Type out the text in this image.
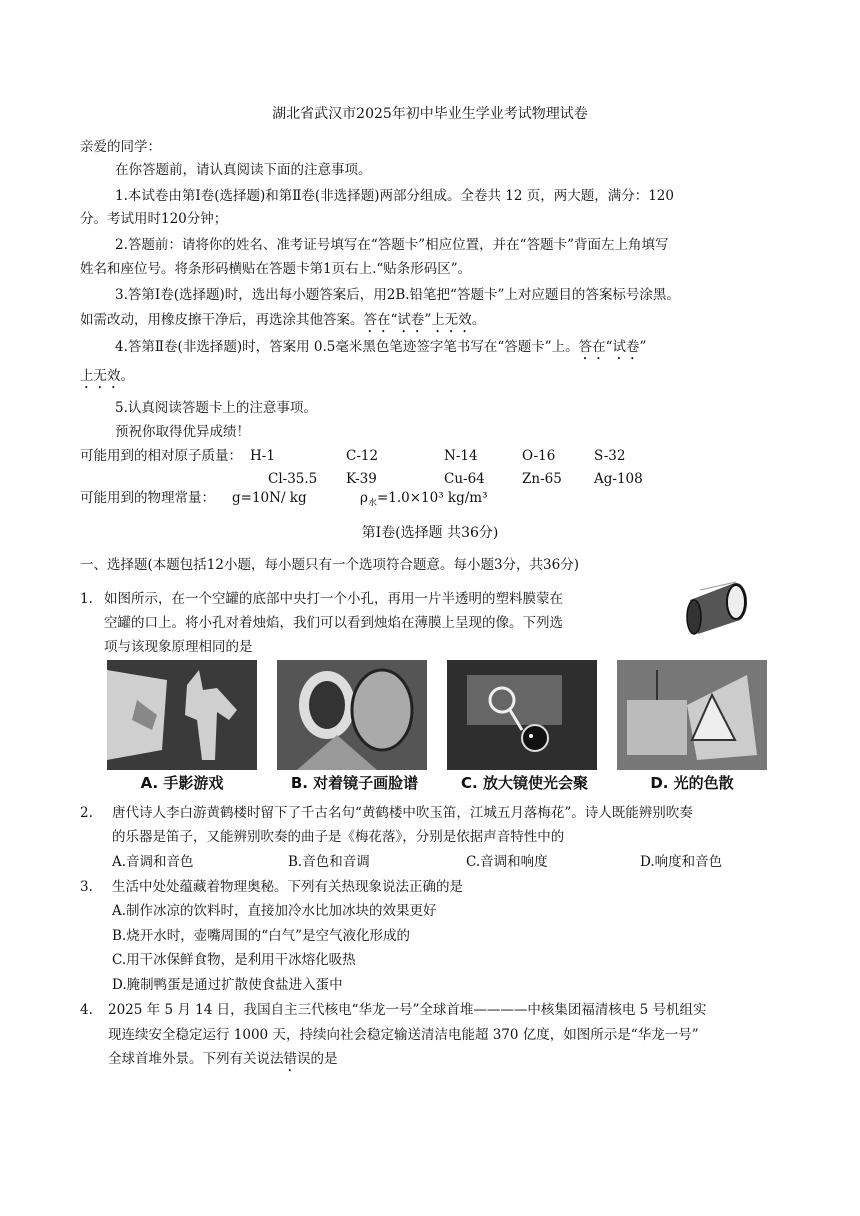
湖北省武汉市2025年初中毕业生学业考试物理试卷
亲爱的同学：
在你答题前，请认真阅读下面的注意事项。
1.本试卷由第Ⅰ卷(选择题)和第Ⅱ卷(非选择题)两部分组成。全卷共 12 页，两大题，满分：120
分。考试用时120分钟；
2.答题前：请将你的姓名、准考证号填写在“答题卡”相应位置，并在“答题卡”背面左上角填写
姓名和座位号。将条形码横贴在答题卡第1页右上.“贴条形码区”。
3.答第Ⅰ卷(选择题)时，选出每小题答案后，用2B.铅笔把“答题卡”上对应题目的答案标号涂黑。
如需改动，用橡皮擦干净后，再选涂其他答案。答在“试卷”上无效。
4.答第Ⅱ卷(非选择题)时，答案用 0.5毫米黑色笔迹签字笔书写在“答题卡”上。答在“试卷”
上无效。
5.认真阅读答题卡上的注意事项。
预祝你取得优异成绩！
可能用到的相对原子质量： H-1	C-12	N-14	O-16	S-32
Cl-35.5 K-39	Cu-64	Zn-65 Ag-108
可能用到的物理常量： g=10N/ kg	$\rho_水=1.0\times 10^3$ kg/m³
第Ⅰ卷(选择题 共36分)
一、选择题(本题包括12小题，每小题只有一个选项符合题意。每小题3分，共36分)
1. 如图所示，在一个空罐的底部中央打一个小孔，再用一片半透明的塑料膜蒙在
空罐的口上。将小孔对着烛焰，我们可以看到烛焰在薄膜上呈现的像。下列选
项与该现象原理相同的是
A. 手影游戏	B. 对着镜子画脸谱	C. 放大镜使光会聚	D. 光的色散
2. 唐代诗人李白游黄鹤楼时留下了千古名句“黄鹤楼中吹玉笛，江城五月落梅花”。诗人既能辨别吹奏
的乐器是笛子，又能辨别吹奏的曲子是《梅花落》，分别是依据声音特性中的
A.音调和音色	B.音色和音调	C.音调和响度	D.响度和音色
3. 生活中处处蕴藏着物理奥秘。下列有关热现象说法正确的是
A.制作冰凉的饮料时，直接加冷水比加冰块的效果更好
B.烧开水时，壶嘴周围的“白气”是空气液化形成的
C.用干冰保鲜食物，是利用干冰熔化吸热
D.腌制鸭蛋是通过扩散使食盐进入蛋中
4. 2025 年 5 月 14 日，我国自主三代核电“华龙一号”全球首堆————中核集团福清核电 5 号机组实
现连续安全稳定运行 1000 天，持续向社会稳定输送清洁电能超 370 亿度，如图所示是“华龙一号”
全球首堆外景。下列有关说法错误的是
